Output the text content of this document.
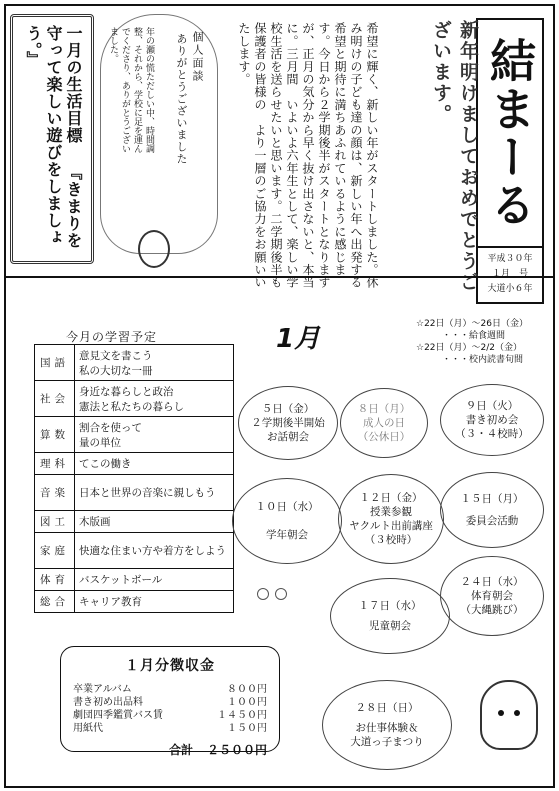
結まーる
平成３０年
１月　号
大道小６年
新年明けましておめでとうございます。
希望に輝く、新しい年がスタートしました。休み明けの子ども達の顔は、新しい年へ出発する希望と期待に満ちあふれているように感じます。今日から２学期後半がスタートとなりますが、正月の気分から早く抜け出さないと、本当に。三月間　いよいよ六年生として、楽しい学校生活を送らせたいと思います。二学期後半も保護者の皆様の　より一層のご協力をお願いいたします。
個人面談
ありがとうございました
年の瀬の慌ただしい中、時間調整、それから、学校に足を運んでくださり、ありがとうございました。
一月の生活目標 『きまりを守って楽しい遊びをしましょう。』
今月の学習予定
国語	意見文を書こう
私の大切な一冊
社会	身近な暮らしと政治
憲法と私たちの暮らし
算数	割合を使って
量の単位
理科	てこの働き
音楽	日本と世界の音楽に親しもう
図工	木版画
家庭	快適な住まい方や着方をしよう
体育	バスケットボール
総合	キャリア教育
1月	☆22日（月）〜26日（金）
・・・給食週間
☆22日（月）〜2/2（金）
・・・校内読書旬間
５日（金）
２学期後半開始
お話朝会
８日（月）
成人の日
（公休日）
９日（火）
書き初め会
（３・４校時）
１０日（水）
学年朝会
１２日（金）
授業参観
ヤクルト出前講座
（３校時）
１５日（月）
委員会活動
１７日（水）
児童朝会
２４日（水）
体育朝会
（大縄跳び）
２８日（日）
お仕事体験＆
大道っ子まつり
１月分徴収金
卒業アルバム	８００円
書き初め出品料	１００円
劇団四季鑑賞バス賃	１４５０円
用紙代	１５０円
合計 ２５００円
